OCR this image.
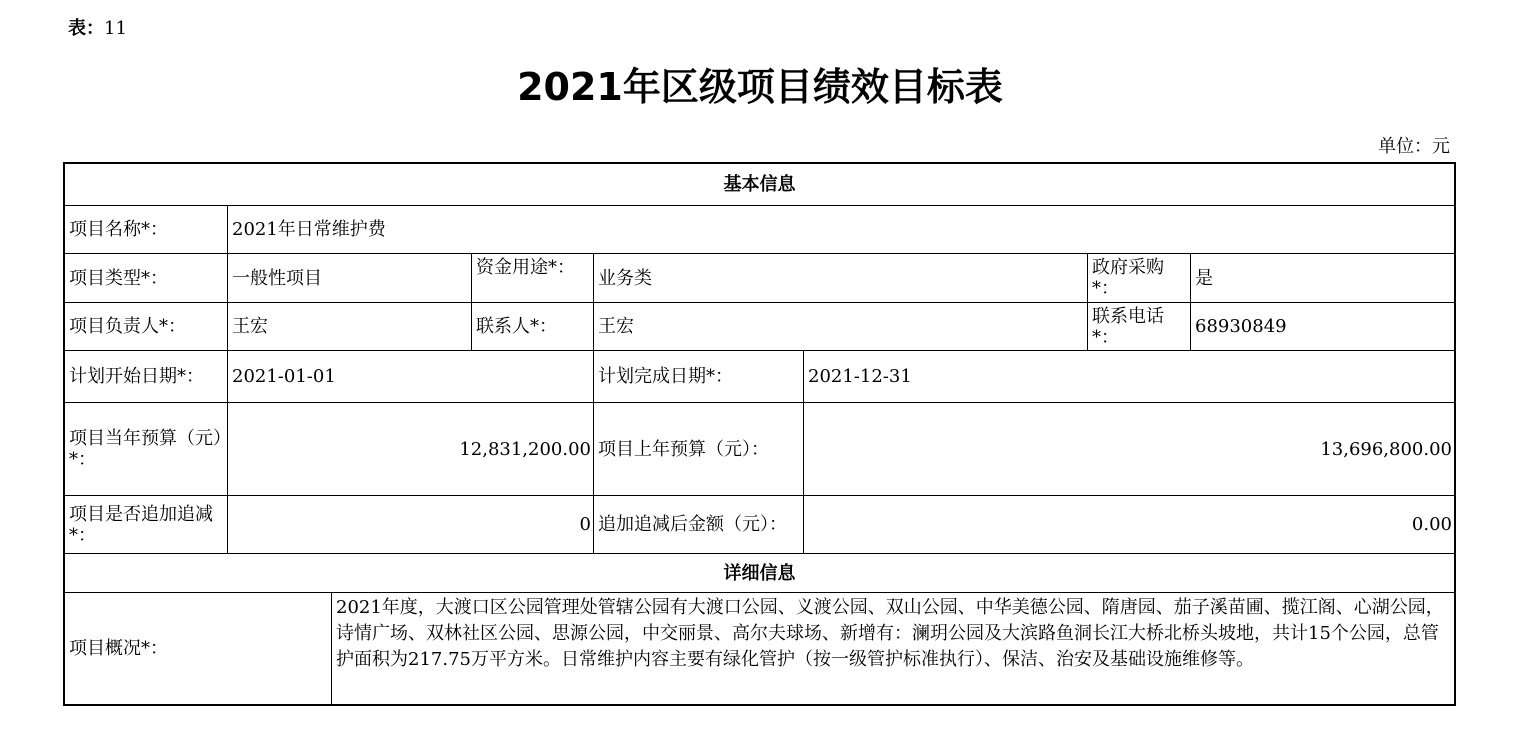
表：11
2021年区级项目绩效目标表
单位：元
基本信息							
项目名称*：	2021年日常维护费						
项目类型*：	一般性项目		资金用途*：	业务类		政府采购*：	是
项目负责人*：	王宏		联系人*：	王宏		联系电话*：	68930849
计划开始日期*：	2021-01-01			计划完成日期*：	2021-12-31		
项目当年预算（元）*：	12,831,200.00			项目上年预算（元）：	13,696,800.00		
项目是否追加追减*：	0			追加追减后金额（元）：	0.00		
详细信息							
项目概况*：		2021年度，大渡口区公园管理处管辖公园有大渡口公园、义渡公园、双山公园、中华美德公园、隋唐园、茄子溪苗圃、揽江阁、心湖公园，诗情广场、双林社区公园、思源公园，中交丽景、高尔夫球场、新增有：澜玥公园及大滨路鱼洞长江大桥北桥头坡地，共计15个公园，总管护面积为217.75万平方米。日常维护内容主要有绿化管护（按一级管护标准执行）、保洁、治安及基础设施维修等。					
